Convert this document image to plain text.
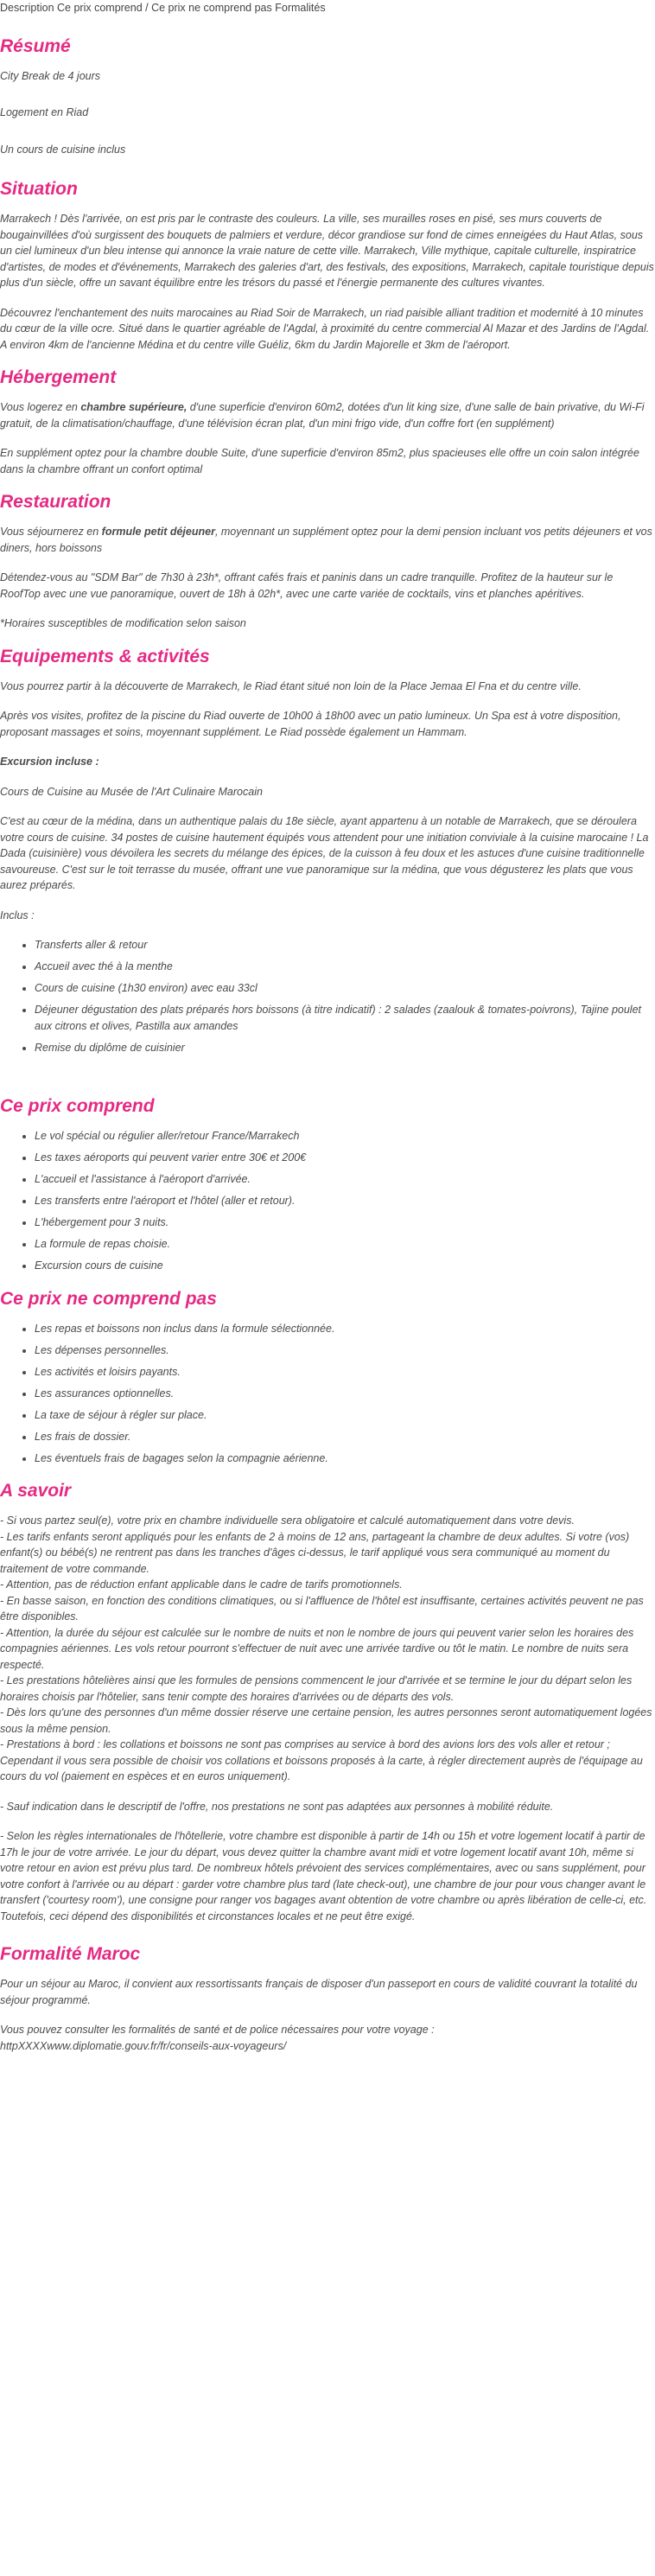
Description Ce prix comprend / Ce prix ne comprend pas Formalités
Résumé

City Break de 4 jours

Logement en Riad

Un cours de cuisine inclus

Situation

Marrakech ! Dès l'arrivée, on est pris par le contraste des couleurs. La ville, ses murailles roses en pisé, ses murs couverts de bougainvillées d'où surgissent des bouquets de palmiers et verdure, décor grandiose sur fond de cimes enneigées du Haut Atlas, sous un ciel lumineux d'un bleu intense qui annonce la vraie nature de cette ville. Marrakech, Ville mythique, capitale culturelle, inspiratrice d'artistes, de modes et d'événements, Marrakech des galeries d'art, des festivals, des expositions, Marrakech, capitale touristique depuis plus d'un siècle, offre un savant équilibre entre les trésors du passé et l'énergie permanente des cultures vivantes.

Découvrez l'enchantement des nuits marocaines au Riad Soir de Marrakech, un riad paisible alliant tradition et modernité à 10 minutes du cœur de la ville ocre. Situé dans le quartier agréable de l'Agdal, à proximité du centre commercial Al Mazar et des Jardins de l'Agdal. A environ 4km de l'ancienne Médina et du centre ville Guéliz, 6km du Jardin Majorelle et 3km de l'aéroport.

Hébergement

Vous logerez en chambre supérieure, d'une superficie d'environ 60m2, dotées d'un lit king size, d'une salle de bain privative, du Wi-Fi gratuit, de la climatisation/chauffage, d'une télévision écran plat, d'un mini frigo vide, d'un coffre fort (en supplément)

En supplément optez pour la chambre double Suite, d'une superficie d'environ 85m2, plus spacieuses elle offre un coin salon intégrée dans la chambre offrant un confort optimal

Restauration

Vous séjournerez en formule petit déjeuner, moyennant un supplément optez pour la demi pension incluant vos petits déjeuners et vos diners, hors boissons

Détendez-vous au "SDM Bar" de 7h30 à 23h*, offrant cafés frais et paninis dans un cadre tranquille. Profitez de la hauteur sur le RoofTop avec une vue panoramique, ouvert de 18h à 02h*, avec une carte variée de cocktails, vins et planches apéritives.

*Horaires susceptibles de modification selon saison

Equipements & activités

Vous pourrez partir à la découverte de Marrakech, le Riad étant situé non loin de la Place Jemaa El Fna et du centre ville.

Après vos visites, profitez de la piscine du Riad ouverte de 10h00 à 18h00 avec un patio lumineux. Un Spa est à votre disposition, proposant massages et soins, moyennant supplément. Le Riad possède également un Hammam.

Excursion incluse :

Cours de Cuisine au Musée de l'Art Culinaire Marocain

C'est au cœur de la médina, dans un authentique palais du 18e siècle, ayant appartenu à un notable de Marrakech, que se déroulera votre cours de cuisine. 34 postes de cuisine hautement équipés vous attendent pour une initiation conviviale à la cuisine marocaine ! La Dada (cuisinière) vous dévoilera les secrets du mélange des épices, de la cuisson à feu doux et les astuces d'une cuisine traditionnelle savoureuse. C'est sur le toit terrasse du musée, offrant une vue panoramique sur la médina, que vous dégusterez les plats que vous aurez préparés.

Inclus :

• Transferts aller & retour
• Accueil avec thé à la menthe
• Cours de cuisine (1h30 environ) avec eau 33cl
• Déjeuner dégustation des plats préparés hors boissons (à titre indicatif) : 2 salades (zaalouk & tomates-poivrons), Tajine poulet aux citrons et olives, Pastilla aux amandes
• Remise du diplôme de cuisinier
Ce prix comprend
• Le vol spécial ou régulier aller/retour France/Marrakech
• Les taxes aéroports qui peuvent varier entre 30€ et 200€
• L'accueil et l'assistance à l'aéroport d'arrivée.
• Les transferts entre l'aéroport et l'hôtel (aller et retour).
• L'hébergement pour 3 nuits.
• La formule de repas choisie.
• Excursion cours de cuisine
Ce prix ne comprend pas
• Les repas et boissons non inclus dans la formule sélectionnée.
• Les dépenses personnelles.
• Les activités et loisirs payants.
• Les assurances optionnelles.
• La taxe de séjour à régler sur place.
• Les frais de dossier.
• Les éventuels frais de bagages selon la compagnie aérienne.
A savoir

- Si vous partez seul(e), votre prix en chambre individuelle sera obligatoire et calculé automatiquement dans votre devis.

- Les tarifs enfants seront appliqués pour les enfants de 2 à moins de 12 ans, partageant la chambre de deux adultes. Si votre (vos) enfant(s) ou bébé(s) ne rentrent pas dans les tranches d'âges ci-dessus, le tarif appliqué vous sera communiqué au moment du traitement de votre commande.

- Attention, pas de réduction enfant applicable dans le cadre de tarifs promotionnels.

- En basse saison, en fonction des conditions climatiques, ou si l'affluence de l'hôtel est insuffisante, certaines activités peuvent ne pas être disponibles.

- Attention, la durée du séjour est calculée sur le nombre de nuits et non le nombre de jours qui peuvent varier selon les horaires des compagnies aériennes. Les vols retour pourront s'effectuer de nuit avec une arrivée tardive ou tôt le matin. Le nombre de nuits sera respecté.

- Les prestations hôtelières ainsi que les formules de pensions commencent le jour d'arrivée et se termine le jour du départ selon les horaires choisis par l'hôtelier, sans tenir compte des horaires d'arrivées ou de départs des vols.

- Dès lors qu'une des personnes d'un même dossier réserve une certaine pension, les autres personnes seront automatiquement logées sous la même pension.

- Prestations à bord : les collations et boissons ne sont pas comprises au service à bord des avions lors des vols aller et retour ; Cependant il vous sera possible de choisir vos collations et boissons proposés à la carte, à régler directement auprès de l'équipage au cours du vol (paiement en espèces et en euros uniquement).

- Sauf indication dans le descriptif de l'offre, nos prestations ne sont pas adaptées aux personnes à mobilité réduite.

- Selon les règles internationales de l'hôtellerie, votre chambre est disponible à partir de 14h ou 15h et votre logement locatif à partir de 17h le jour de votre arrivée. Le jour du départ, vous devez quitter la chambre avant midi et votre logement locatif avant 10h, même si votre retour en avion est prévu plus tard. De nombreux hôtels prévoient des services complémentaires, avec ou sans supplément, pour votre confort à l'arrivée ou au départ : garder votre chambre plus tard (late check-out), une chambre de jour pour vous changer avant le transfert ('courtesy room'), une consigne pour ranger vos bagages avant obtention de votre chambre ou après libération de celle-ci, etc. Toutefois, ceci dépend des disponibilités et circonstances locales et ne peut être exigé.

Formalité Maroc

Pour un séjour au Maroc, il convient aux ressortissants français de disposer d'un passeport en cours de validité couvrant la totalité du séjour programmé.

Vous pouvez consulter les formalités de santé et de police nécessaires pour votre voyage :

httpXXXXwww.diplomatie.gouv.fr/fr/conseils-aux-voyageurs/
